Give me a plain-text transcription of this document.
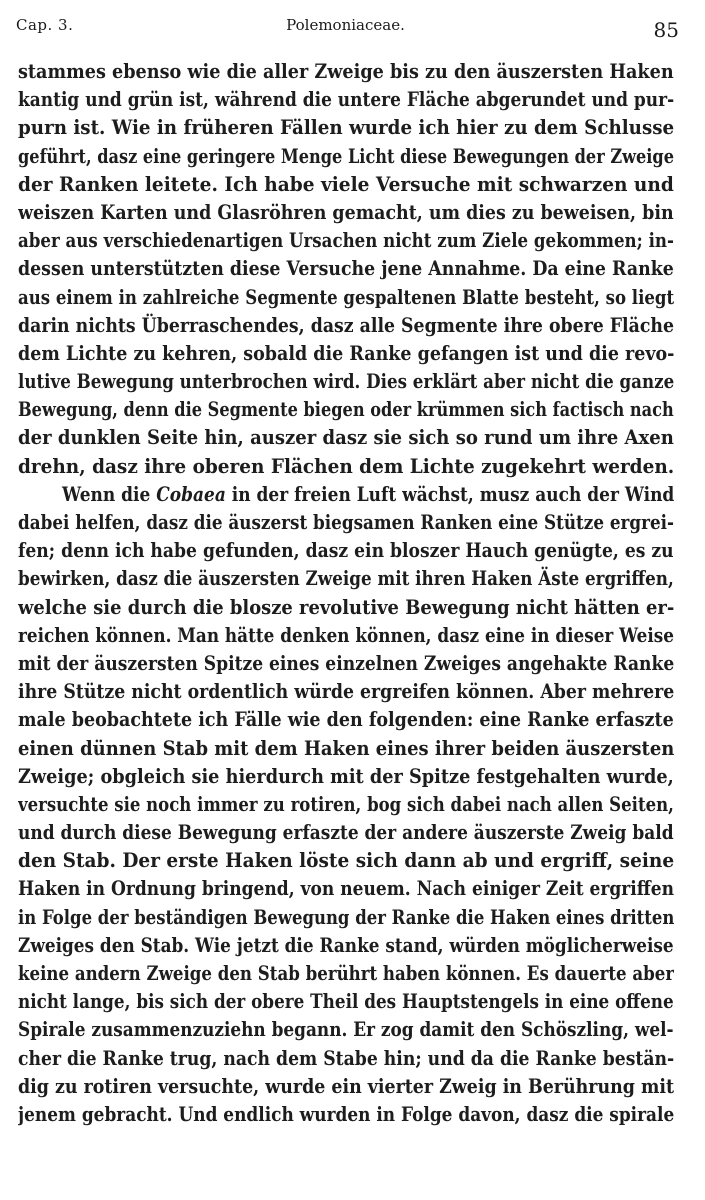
Cap. 3.	Polemoniaceae.	85
stammes ebenso wie die aller Zweige bis zu den äuszersten Haken
kantig und grün ist, während die untere Fläche abgerundet und pur-
purn ist. Wie in früheren Fällen wurde ich hier zu dem Schlusse
geführt, dasz eine geringere Menge Licht diese Bewegungen der Zweige
der Ranken leitete. Ich habe viele Versuche mit schwarzen und
weiszen Karten und Glasröhren gemacht, um dies zu beweisen, bin
aber aus verschiedenartigen Ursachen nicht zum Ziele gekommen; in-
dessen unterstützten diese Versuche jene Annahme. Da eine Ranke
aus einem in zahlreiche Segmente gespaltenen Blatte besteht, so liegt
darin nichts Überraschendes, dasz alle Segmente ihre obere Fläche
dem Lichte zu kehren, sobald die Ranke gefangen ist und die revo-
lutive Bewegung unterbrochen wird. Dies erklärt aber nicht die ganze
Bewegung, denn die Segmente biegen oder krümmen sich factisch nach
der dunklen Seite hin, auszer dasz sie sich so rund um ihre Axen
drehn, dasz ihre oberen Flächen dem Lichte zugekehrt werden.
Wenn die Cobaea in der freien Luft wächst, musz auch der Wind
dabei helfen, dasz die äuszerst biegsamen Ranken eine Stütze ergrei-
fen; denn ich habe gefunden, dasz ein bloszer Hauch genügte, es zu
bewirken, dasz die äuszersten Zweige mit ihren Haken Äste ergriffen,
welche sie durch die blosze revolutive Bewegung nicht hätten er-
reichen können. Man hätte denken können, dasz eine in dieser Weise
mit der äuszersten Spitze eines einzelnen Zweiges angehakte Ranke
ihre Stütze nicht ordentlich würde ergreifen können. Aber mehrere
male beobachtete ich Fälle wie den folgenden: eine Ranke erfaszte
einen dünnen Stab mit dem Haken eines ihrer beiden äuszersten
Zweige; obgleich sie hierdurch mit der Spitze festgehalten wurde,
versuchte sie noch immer zu rotiren, bog sich dabei nach allen Seiten,
und durch diese Bewegung erfaszte der andere äuszerste Zweig bald
den Stab. Der erste Haken löste sich dann ab und ergriff, seine
Haken in Ordnung bringend, von neuem. Nach einiger Zeit ergriffen
in Folge der beständigen Bewegung der Ranke die Haken eines dritten
Zweiges den Stab. Wie jetzt die Ranke stand, würden möglicherweise
keine andern Zweige den Stab berührt haben können. Es dauerte aber
nicht lange, bis sich der obere Theil des Hauptstengels in eine offene
Spirale zusammenzuziehn begann. Er zog damit den Schöszling, wel-
cher die Ranke trug, nach dem Stabe hin; und da die Ranke bestän-
dig zu rotiren versuchte, wurde ein vierter Zweig in Berührung mit
jenem gebracht. Und endlich wurden in Folge davon, dasz die spirale
